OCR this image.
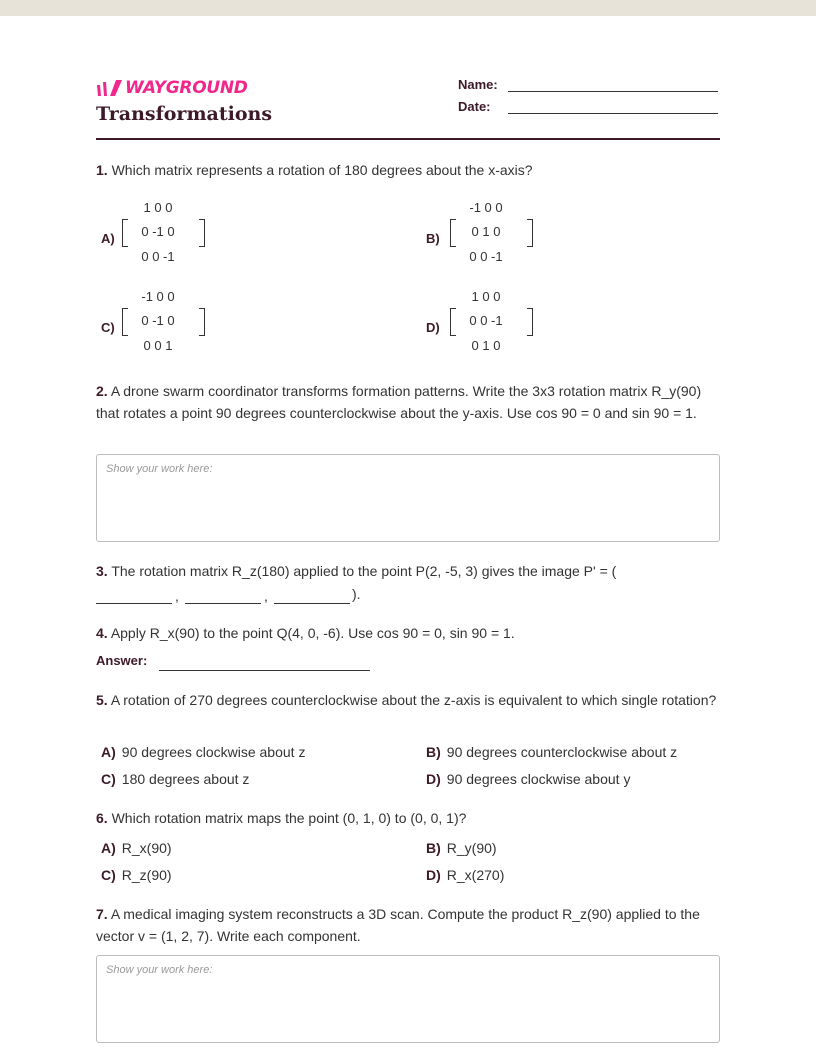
WAYGROUND
Transformations
Name:
Date:
1. Which matrix represents a rotation of 180 degrees about the x-axis?
A)
1 0 0
0 -1 0
0 0 -1
B)
-1 0 0
0 1 0
0 0 -1
C)
-1 0 0
0 -1 0
0 0 1
D)
1 0 0
0 0 -1
0 1 0
2. A drone swarm coordinator transforms formation patterns. Write the 3x3 rotation matrix R_y(90) that rotates a point 90 degrees counterclockwise about the y-axis. Use cos 90 = 0 and sin 90 = 1.
Show your work here:
3. The rotation matrix R_z(180) applied to the point P(2, -5, 3) gives the image P' = (
,	,	).
4. Apply R_x(90) to the point Q(4, 0, -6). Use cos 90 = 0, sin 90 = 1.
Answer:
5. A rotation of 270 degrees counterclockwise about the z-axis is equivalent to which single rotation?
A) 90 degrees clockwise about z	B) 90 degrees counterclockwise about z
C) 180 degrees about z	D) 90 degrees clockwise about y
6. Which rotation matrix maps the point (0, 1, 0) to (0, 0, 1)?
A) R_x(90)	B) R_y(90)
C) R_z(90)	D) R_x(270)
7. A medical imaging system reconstructs a 3D scan. Compute the product R_z(90) applied to the vector v = (1, 2, 7). Write each component.
Show your work here:
